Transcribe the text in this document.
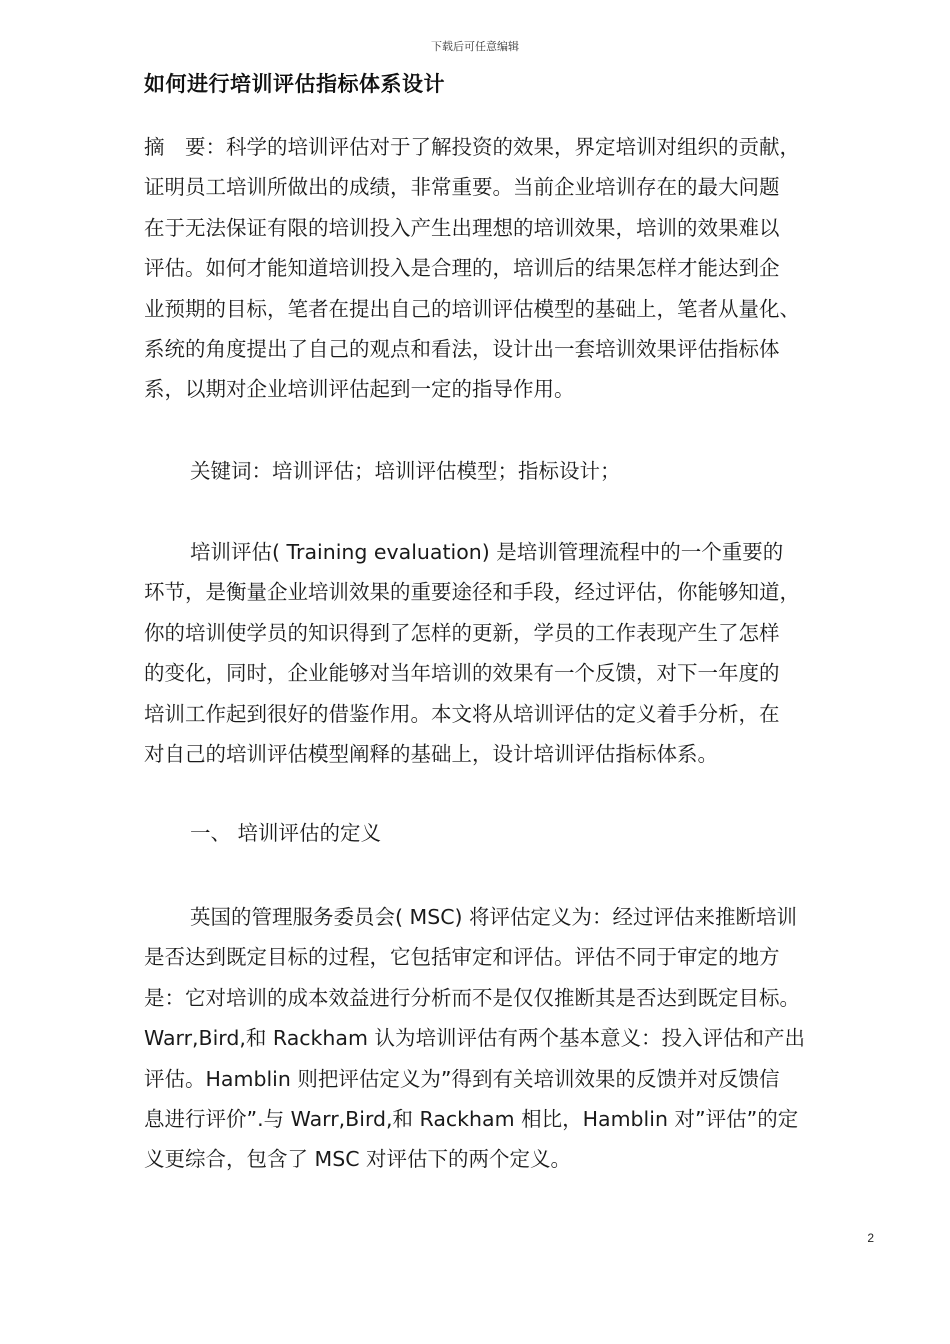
下载后可任意编辑
如何进行培训评估指标体系设计
摘　要：科学的培训评估对于了解投资的效果，界定培训对组织的贡献，
证明员工培训所做出的成绩，非常重要。当前企业培训存在的最大问题
在于无法保证有限的培训投入产生出理想的培训效果，培训的效果难以
评估。如何才能知道培训投入是合理的，培训后的结果怎样才能达到企
业预期的目标，笔者在提出自己的培训评估模型的基础上，笔者从量化、
系统的角度提出了自己的观点和看法，设计出一套培训效果评估指标体
系，以期对企业培训评估起到一定的指导作用。
关键词：培训评估；培训评估模型；指标设计；
培训评估( Training evaluation) 是培训管理流程中的一个重要的
环节，是衡量企业培训效果的重要途径和手段，经过评估，你能够知道，
你的培训使学员的知识得到了怎样的更新，学员的工作表现产生了怎样
的变化，同时，企业能够对当年培训的效果有一个反馈，对下一年度的
培训工作起到很好的借鉴作用。本文将从培训评估的定义着手分析，在
对自己的培训评估模型阐释的基础上，设计培训评估指标体系。
一、 培训评估的定义
英国的管理服务委员会( MSC) 将评估定义为：经过评估来推断培训
是否达到既定目标的过程，它包括审定和评估。评估不同于审定的地方
是：它对培训的成本效益进行分析而不是仅仅推断其是否达到既定目标。
Warr,Bird,和 Rackham 认为培训评估有两个基本意义：投入评估和产出
评估。Hamblin 则把评估定义为”得到有关培训效果的反馈并对反馈信
息进行评价”.与 Warr,Bird,和 Rackham 相比，Hamblin 对”评估”的定
义更综合，包含了 MSC 对评估下的两个定义。
2
